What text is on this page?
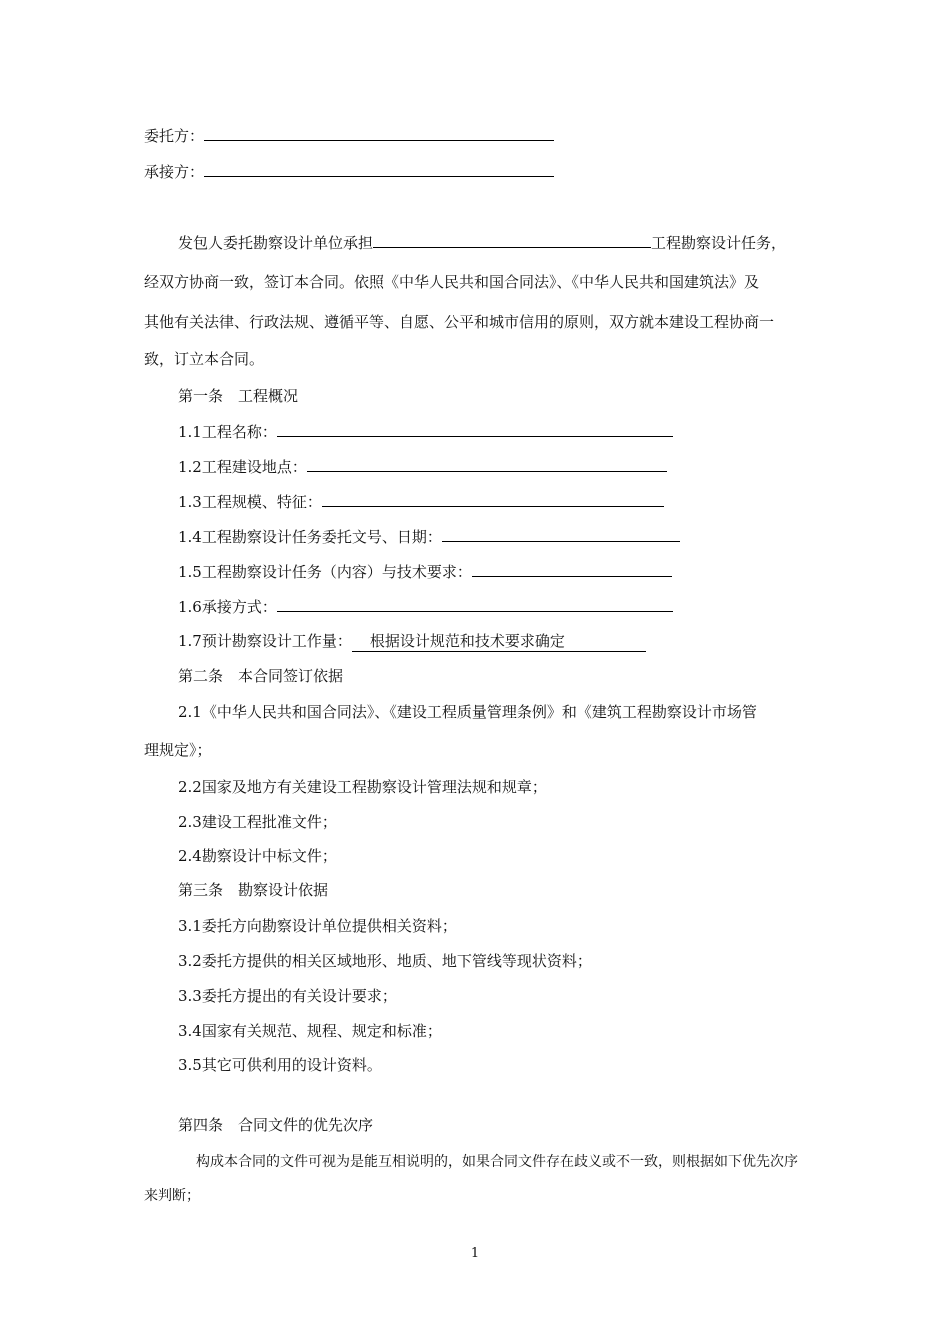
委托方：
承接方：
发包人委托勘察设计单位承担	工程勘察设计任务，
经双方协商一致，签订本合同。依照《中华人民共和国合同法》、《中华人民共和国建筑法》及
其他有关法律、行政法规、遵循平等、自愿、公平和城市信用的原则，双方就本建设工程协商一
致，订立本合同。
第一条　工程概况
1.1工程名称：
1.2工程建设地点：
1.3工程规模、特征：
1.4工程勘察设计任务委托文号、日期：
1.5工程勘察设计任务（内容）与技术要求：
1.6承接方式：
1.7预计勘察设计工作量： 根据设计规范和技术要求确定
第二条　本合同签订依据
2.1《中华人民共和国合同法》、《建设工程质量管理条例》和《建筑工程勘察设计市场管
理规定》；
2.2国家及地方有关建设工程勘察设计管理法规和规章；
2.3建设工程批准文件；
2.4勘察设计中标文件；
第三条　勘察设计依据
3.1委托方向勘察设计单位提供相关资料；
3.2委托方提供的相关区域地形、地质、地下管线等现状资料；
3.3委托方提出的有关设计要求；
3.4国家有关规范、规程、规定和标准；
3.5其它可供利用的设计资料。
第四条　合同文件的优先次序
构成本合同的文件可视为是能互相说明的，如果合同文件存在歧义或不一致，则根据如下优先次序
来判断；
1
